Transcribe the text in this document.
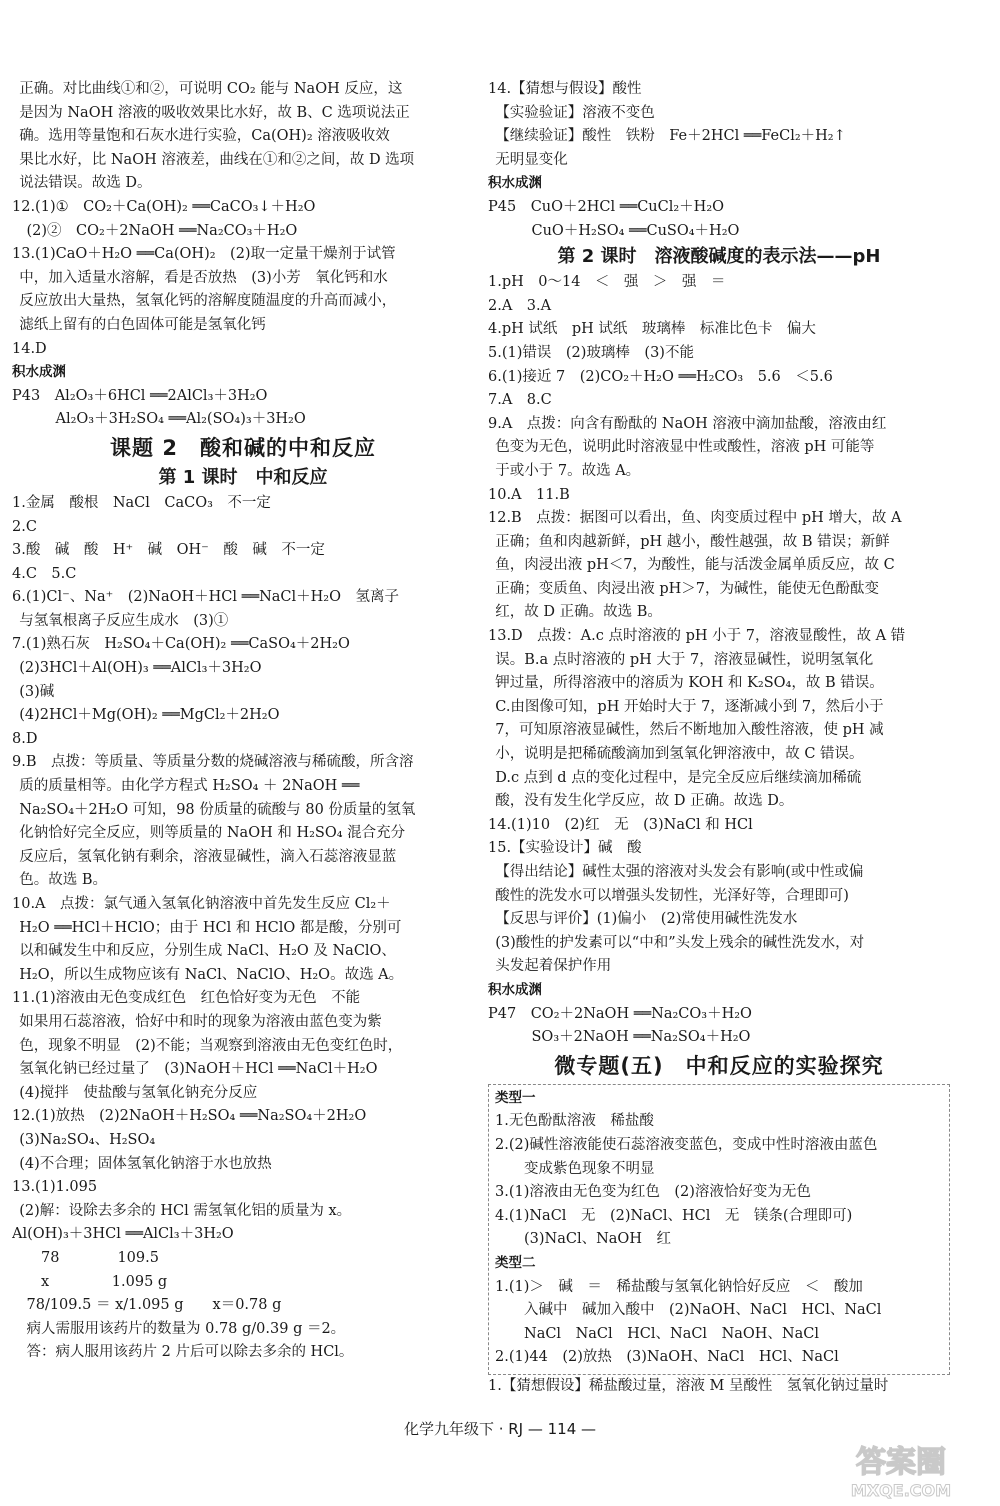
正确。对比曲线①和②，可说明 CO₂ 能与 NaOH 反应，这
是因为 NaOH 溶液的吸收效果比水好，故 B、C 选项说法正
确。选用等量饱和石灰水进行实验，Ca(OH)₂ 溶液吸收效
果比水好，比 NaOH 溶液差，曲线在①和②之间，故 D 选项
说法错误。故选 D。
12.(1)①　CO₂＋Ca(OH)₂ ══CaCO₃↓＋H₂O
　(2)②　CO₂＋2NaOH ══Na₂CO₃＋H₂O
13.(1)CaO＋H₂O ══Ca(OH)₂　(2)取一定量干燥剂于试管
中，加入适量水溶解，看是否放热　(3)小芳　氧化钙和水
反应放出大量热，氢氧化钙的溶解度随温度的升高而减小，
滤纸上留有的白色固体可能是氢氧化钙
14.D
积水成渊
P43　Al₂O₃＋6HCl ══2AlCl₃＋3H₂O
　　　Al₂O₃＋3H₂SO₄ ══Al₂(SO₄)₃＋3H₂O
课题 2　酸和碱的中和反应
第 1 课时　中和反应
1.金属　酸根　NaCl　CaCO₃　不一定
2.C
3.酸　碱　酸　H⁺　碱　OH⁻　酸　碱　不一定
4.C　5.C
6.(1)Cl⁻、Na⁺　(2)NaOH＋HCl ══NaCl＋H₂O　氢离子
与氢氧根离子反应生成水　(3)①
7.(1)熟石灰　H₂SO₄＋Ca(OH)₂ ══CaSO₄＋2H₂O
(2)3HCl＋Al(OH)₃ ══AlCl₃＋3H₂O
(3)碱
(4)2HCl＋Mg(OH)₂ ══MgCl₂＋2H₂O
8.D
9.B　点拨：等质量、等质量分数的烧碱溶液与稀硫酸，所含溶
质的质量相等。由化学方程式 H₂SO₄ ＋ 2NaOH ══
Na₂SO₄＋2H₂O 可知，98 份质量的硫酸与 80 份质量的氢氧
化钠恰好完全反应，则等质量的 NaOH 和 H₂SO₄ 混合充分
反应后，氢氧化钠有剩余，溶液显碱性，滴入石蕊溶液显蓝
色。故选 B。
10.A　点拨：氯气通入氢氧化钠溶液中首先发生反应 Cl₂＋
H₂O ══HCl＋HClO；由于 HCl 和 HClO 都是酸，分别可
以和碱发生中和反应，分别生成 NaCl、H₂O 及 NaClO、
H₂O，所以生成物应该有 NaCl、NaClO、H₂O。故选 A。
11.(1)溶液由无色变成红色　红色恰好变为无色　不能
如果用石蕊溶液，恰好中和时的现象为溶液由蓝色变为紫
色，现象不明显　(2)不能；当观察到溶液由无色变红色时，
氢氧化钠已经过量了　(3)NaOH＋HCl ══NaCl＋H₂O
(4)搅拌　使盐酸与氢氧化钠充分反应
12.(1)放热　(2)2NaOH＋H₂SO₄ ══Na₂SO₄＋2H₂O
(3)Na₂SO₄、H₂SO₄
(4)不合理；固体氢氧化钠溶于水也放热
13.(1)1.095
(2)解：设除去多余的 HCl 需氢氧化铝的质量为 x。
Al(OH)₃＋3HCl ══AlCl₃＋3H₂O
　　78　　　　109.5
　　x　　　　 1.095 g
　78/109.5 ＝ x/1.095 g　　x＝0.78 g
　病人需服用该药片的数量为 0.78 g/0.39 g ＝2。
　答：病人服用该药片 2 片后可以除去多余的 HCl。
14.【猜想与假设】酸性
【实验验证】溶液不变色
【继续验证】酸性　铁粉　Fe＋2HCl ══FeCl₂＋H₂↑
无明显变化
积水成渊
P45　CuO＋2HCl ══CuCl₂＋H₂O
　　　CuO＋H₂SO₄ ══CuSO₄＋H₂O
第 2 课时　溶液酸碱度的表示法——pH
1.pH　0～14　＜　强　＞　强　＝
2.A　3.A
4.pH 试纸　pH 试纸　玻璃棒　标准比色卡　偏大
5.(1)错误　(2)玻璃棒　(3)不能
6.(1)接近 7　(2)CO₂＋H₂O ══H₂CO₃　5.6　＜5.6
7.A　8.C
9.A　点拨：向含有酚酞的 NaOH 溶液中滴加盐酸，溶液由红
色变为无色，说明此时溶液显中性或酸性，溶液 pH 可能等
于或小于 7。故选 A。
10.A　11.B
12.B　点拨：据图可以看出，鱼、肉变质过程中 pH 增大，故 A
正确；鱼和肉越新鲜，pH 越小，酸性越强，故 B 错误；新鲜
鱼，肉浸出液 pH＜7，为酸性，能与活泼金属单质反应，故 C
正确；变质鱼、肉浸出液 pH＞7，为碱性，能使无色酚酞变
红，故 D 正确。故选 B。
13.D　点拨：A.c 点时溶液的 pH 小于 7，溶液显酸性，故 A 错
误。B.a 点时溶液的 pH 大于 7，溶液显碱性，说明氢氧化
钾过量，所得溶液中的溶质为 KOH 和 K₂SO₄，故 B 错误。
C.由图像可知，pH 开始时大于 7，逐渐减小到 7，然后小于
7，可知原溶液显碱性，然后不断地加入酸性溶液，使 pH 减
小，说明是把稀硫酸滴加到氢氧化钾溶液中，故 C 错误。
D.c 点到 d 点的变化过程中，是完全反应后继续滴加稀硫
酸，没有发生化学反应，故 D 正确。故选 D。
14.(1)10　(2)红　无　(3)NaCl 和 HCl
15.【实验设计】碱　酸
【得出结论】碱性太强的溶液对头发会有影响(或中性或偏
酸性的洗发水可以增强头发韧性，光泽好等，合理即可)
【反思与评价】(1)偏小　(2)常使用碱性洗发水
(3)酸性的护发素可以“中和”头发上残余的碱性洗发水，对
头发起着保护作用
积水成渊
P47　CO₂＋2NaOH ══Na₂CO₃＋H₂O
　　　SO₃＋2NaOH ══Na₂SO₄＋H₂O
微专题(五)　中和反应的实验探究
类型一
1.无色酚酞溶液　稀盐酸
2.(2)碱性溶液能使石蕊溶液变蓝色，变成中性时溶液由蓝色
变成紫色现象不明显
3.(1)溶液由无色变为红色　(2)溶液恰好变为无色
4.(1)NaCl　无　(2)NaCl、HCl　无　镁条(合理即可)
(3)NaCl、NaOH　红
类型二
1.(1)＞　碱　＝　稀盐酸与氢氧化钠恰好反应　＜　酸加
入碱中　碱加入酸中　(2)NaOH、NaCl　HCl、NaCl
NaCl　NaCl　HCl、NaCl　NaOH、NaCl
2.(1)44　(2)放热　(3)NaOH、NaCl　HCl、NaCl
1.【猜想假设】稀盐酸过量，溶液 M 呈酸性　氢氧化钠过量时
化学九年级下 · RJ — 114 —
答案圈
MXQE.COM
